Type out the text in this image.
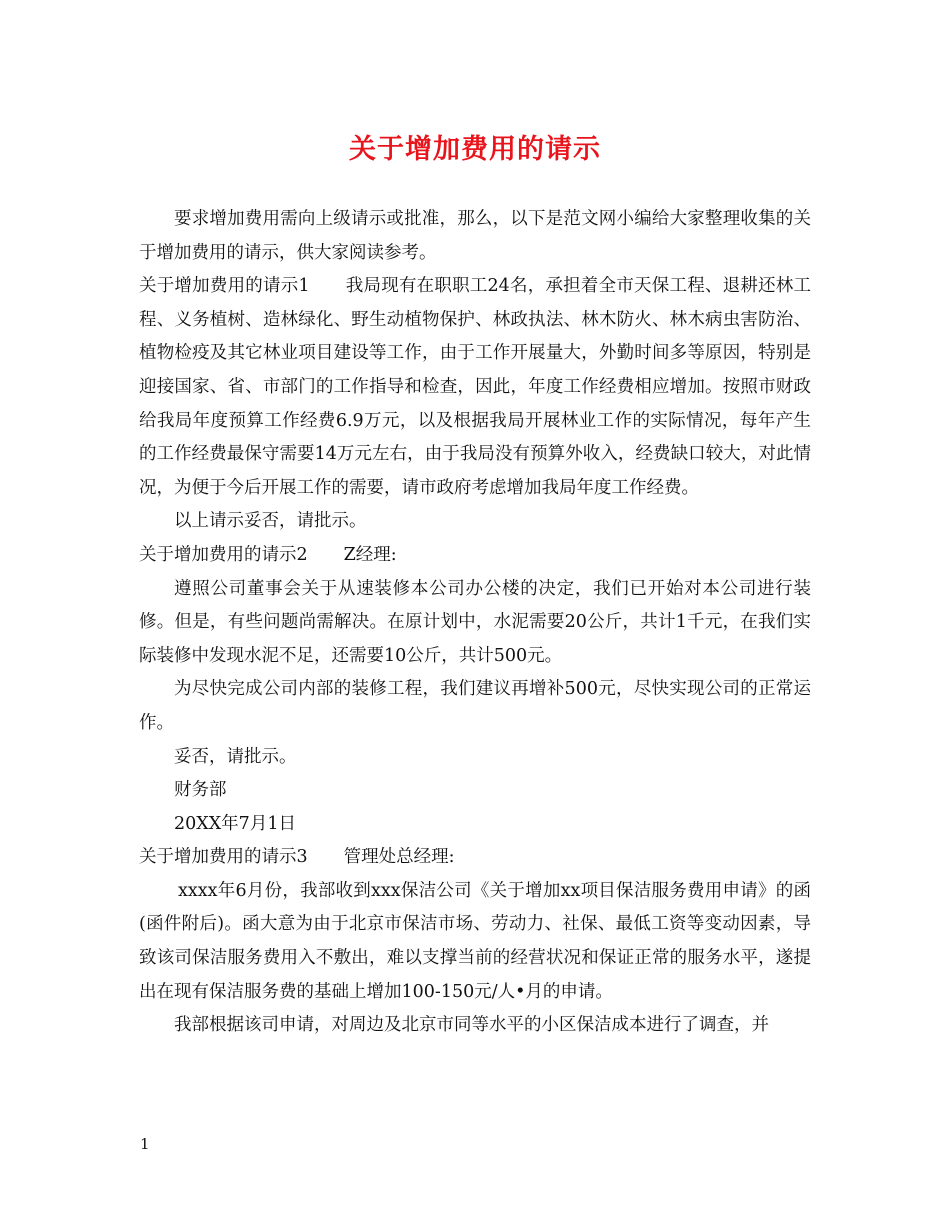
关于增加费用的请示

要求增加费用需向上级请示或批准，那么，以下是范文网小编给大家整理收集的关于增加费用的请示，供大家阅读参考。

关于增加费用的请示1 我局现有在职职工24名，承担着全市天保工程、退耕还林工程、义务植树、造林绿化、野生动植物保护、林政执法、林木防火、林木病虫害防治、植物检疫及其它林业项目建设等工作，由于工作开展量大，外勤时间多等原因，特别是迎接国家、省、市部门的工作指导和检查，因此，年度工作经费相应增加。按照市财政给我局年度预算工作经费6.9万元，以及根据我局开展林业工作的实际情况，每年产生的工作经费最保守需要14万元左右，由于我局没有预算外收入，经费缺口较大，对此情况，为便于今后开展工作的需要，请市政府考虑增加我局年度工作经费。

以上请示妥否，请批示。

关于增加费用的请示2 Z经理:

遵照公司董事会关于从速装修本公司办公楼的决定，我们已开始对本公司进行装修。但是，有些问题尚需解决。在原计划中，水泥需要20公斤，共计1千元，在我们实际装修中发现水泥不足，还需要10公斤，共计500元。

为尽快完成公司内部的装修工程，我们建议再增补500元，尽快实现公司的正常运作。

妥否，请批示。

财务部

20XX年7月1日

关于增加费用的请示3 管理处总经理:

xxxx年6月份，我部收到xxx保洁公司《关于增加xx项目保洁服务费用申请》的函(函件附后)。函大意为由于北京市保洁市场、劳动力、社保、最低工资等变动因素，导致该司保洁服务费用入不敷出，难以支撑当前的经营状况和保证正常的服务水平，遂提出在现有保洁服务费的基础上增加100-150元/人•月的申请。

我部根据该司申请，对周边及北京市同等水平的小区保洁成本进行了调查，并

1
